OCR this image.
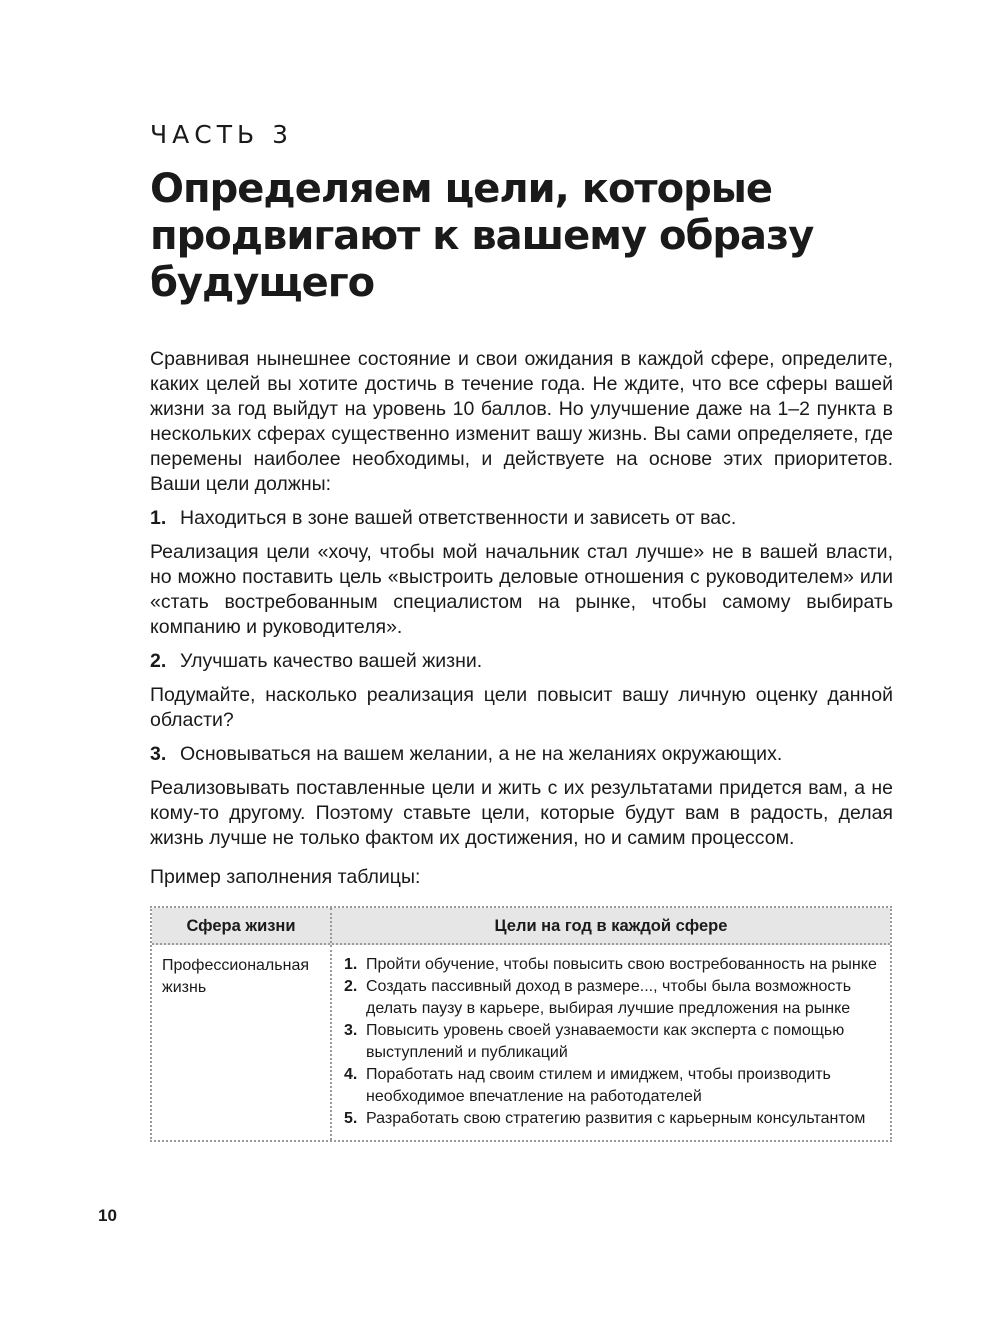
ЧАСТЬ 3
Определяем цели, которые продвигают к вашему образу будущего

Сравнивая нынешнее состояние и свои ожидания в каждой сфере, определите, каких целей вы хотите достичь в течение года. Не ждите, что все сферы вашей жизни за год выйдут на уровень 10 баллов. Но улучшение даже на 1–2 пункта в нескольких сферах существенно изменит вашу жизнь. Вы сами определяете, где перемены наиболее необходимы, и действуете на основе этих приоритетов. Ваши цели должны:

1. Находиться в зоне вашей ответственности и зависеть от вас.

Реализация цели «хочу, чтобы мой начальник стал лучше» не в вашей власти, но можно поставить цель «выстроить деловые отношения с руководителем» или «стать востребованным специалистом на рынке, чтобы самому выбирать компанию и руководителя».

2. Улучшать качество вашей жизни.

Подумайте, насколько реализация цели повысит вашу личную оценку данной области?

3. Основываться на вашем желании, а не на желаниях окружающих.

Реализовывать поставленные цели и жить с их результатами придется вам, а не кому-то другому. Поэтому ставьте цели, которые будут вам в радость, делая жизнь лучше не только фактом их достижения, но и самим процессом.

Пример заполнения таблицы:

Сфера жизни	Цели на год в каждой сфере
Профессиональная жизнь
1. Пройти обучение, чтобы повысить свою востребованность на рынке
2. Создать пассивный доход в размере..., чтобы была возможность делать паузу в карьере, выбирая лучшие предложения на рынке
3. Повысить уровень своей узнаваемости как эксперта с помощью выступлений и публикаций
4. Поработать над своим стилем и имиджем, чтобы производить необходимое впечатление на работодателей
5. Разработать свою стратегию развития с карьерным консультантом
10
